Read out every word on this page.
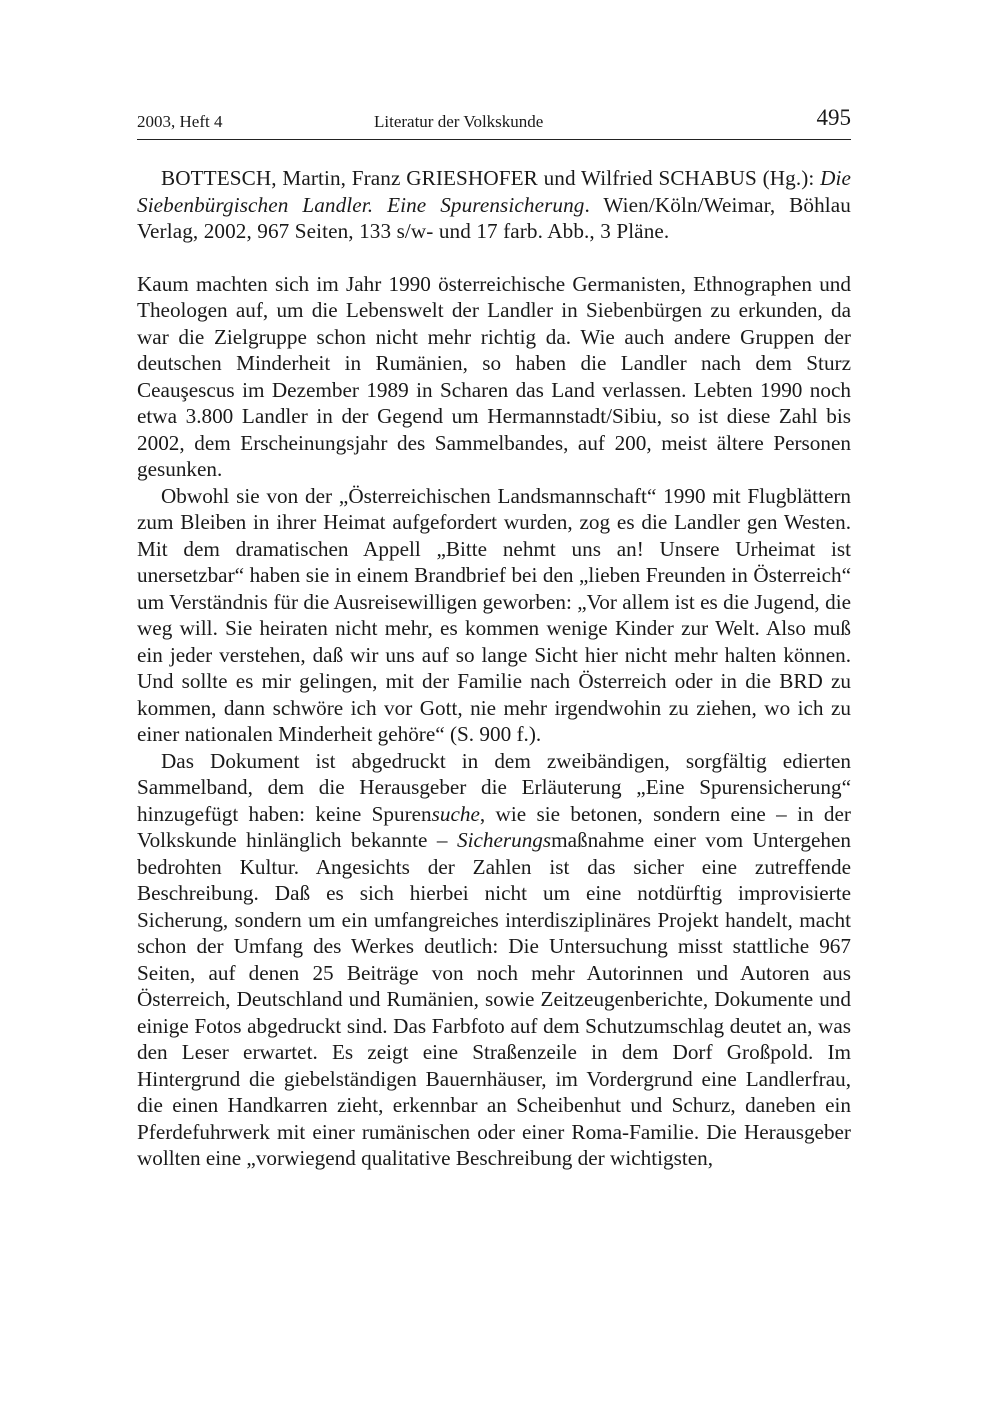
2003, Heft 4	Literatur der Volkskunde	495
BOTTESCH, Martin, Franz GRIESHOFER und Wilfried SCHABUS (Hg.): Die Siebenbürgischen Landler. Eine Spurensicherung. Wien/Köln/Weimar, Böhlau Verlag, 2002, 967 Seiten, 133 s/w- und 17 farb. Abb., 3 Pläne.

Kaum machten sich im Jahr 1990 österreichische Germanisten, Ethnographen und Theologen auf, um die Lebenswelt der Landler in Siebenbürgen zu erkunden, da war die Zielgruppe schon nicht mehr richtig da. Wie auch andere Gruppen der deutschen Minderheit in Rumänien, so haben die Landler nach dem Sturz Ceauşescus im Dezember 1989 in Scharen das Land verlassen. Lebten 1990 noch etwa 3.800 Landler in der Gegend um Hermannstadt/Sibiu, so ist diese Zahl bis 2002, dem Erscheinungsjahr des Sammelbandes, auf 200, meist ältere Personen gesunken.

Obwohl sie von der „Österreichischen Landsmannschaft“ 1990 mit Flugblättern zum Bleiben in ihrer Heimat aufgefordert wurden, zog es die Landler gen Westen. Mit dem dramatischen Appell „Bitte nehmt uns an! Unsere Urheimat ist unersetzbar“ haben sie in einem Brandbrief bei den „lieben Freunden in Österreich“ um Verständnis für die Ausreisewilligen geworben: „Vor allem ist es die Jugend, die weg will. Sie heiraten nicht mehr, es kommen wenige Kinder zur Welt. Also muß ein jeder verstehen, daß wir uns auf so lange Sicht hier nicht mehr halten können. Und sollte es mir gelingen, mit der Familie nach Österreich oder in die BRD zu kommen, dann schwöre ich vor Gott, nie mehr irgendwohin zu ziehen, wo ich zu einer nationalen Minderheit gehöre“ (S. 900 f.).

Das Dokument ist abgedruckt in dem zweibändigen, sorgfältig edierten Sammelband, dem die Herausgeber die Erläuterung „Eine Spurensicherung“ hinzugefügt haben: keine Spurensuche, wie sie betonen, sondern eine – in der Volkskunde hinlänglich bekannte – Sicherungsmaßnahme einer vom Untergehen bedrohten Kultur. Angesichts der Zahlen ist das sicher eine zutreffende Beschreibung. Daß es sich hierbei nicht um eine notdürftig improvisierte Sicherung, sondern um ein umfangreiches interdisziplinäres Projekt handelt, macht schon der Umfang des Werkes deutlich: Die Untersuchung misst stattliche 967 Seiten, auf denen 25 Beiträge von noch mehr Autorinnen und Autoren aus Österreich, Deutschland und Rumänien, sowie Zeitzeugenberichte, Dokumente und einige Fotos abgedruckt sind. Das Farbfoto auf dem Schutzumschlag deutet an, was den Leser erwartet. Es zeigt eine Straßenzeile in dem Dorf Großpold. Im Hintergrund die giebelständigen Bauernhäuser, im Vordergrund eine Landlerfrau, die einen Handkarren zieht, erkennbar an Scheibenhut und Schurz, daneben ein Pferdefuhrwerk mit einer rumänischen oder einer Roma-Familie. Die Herausgeber wollten eine „vorwiegend qualitative Beschreibung der wichtigsten,
